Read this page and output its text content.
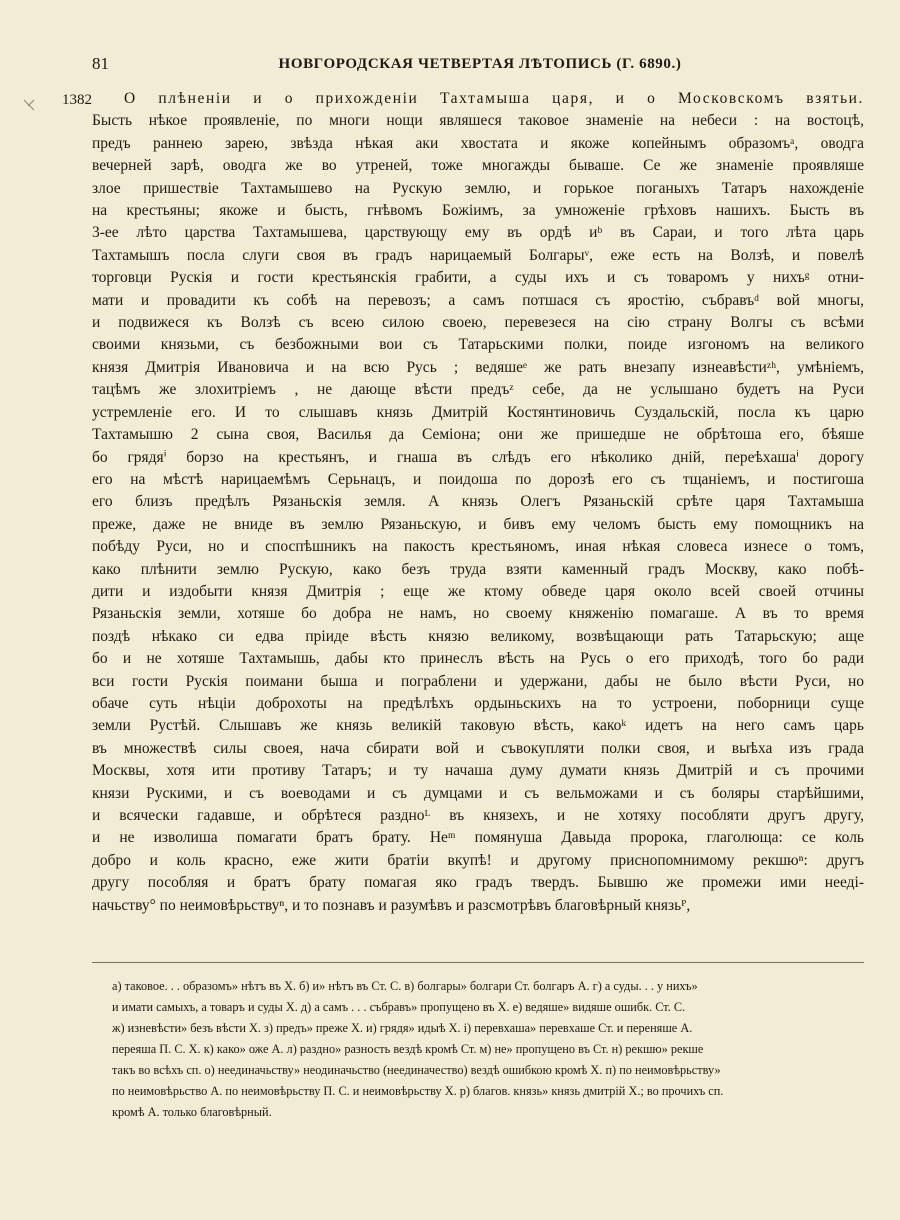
81	НОВГОРОДСКАЯ ЧЕТВЕРТАЯ ЛѢТОПИСЬ (Г. 6890.)
1382	О плѣненiи и о прихожденiи Тахтамыша царя, и о Московскомъ взятьи.
Бысть нѣкое проявленiе, по многи нощи являшеся таковое знаменiе на небеси : на востоцѣ,
предъ раннею зарею, звѣзда нѣкая аки хвостата и якоже копейнымъ образомъᵃ, оводга
вечерней зарѣ, оводга же во утреней, тоже многажды бываше. Се же знаменiе проявляше
злое пришествiе Тахтамышево на Рускую землю, и горькое поганыхъ Татаръ нахожденiе
на крестьяны; якоже и бысть, гнѣвомъ Божiимъ, за умноженiе грѣховъ нашихъ. Бысть въ
3-ее лѣто царства Тахтамышева, царствующу ему въ ордѣ иᵇ въ Сараи, и того лѣта царь
Тахтамышъ посла слуги своя въ градъ нарицаемый Болгарыᵛ, еже есть на Волзѣ, и повелѣ
торговци Рускiя и гости крестьянскiя грабити, а суды ихъ и съ товаромъ у нихъᵍ отни-
мати и провадити къ собѣ на перевозъ; а самъ потшася съ яростiю, събравъᵈ вой многы,
и подвижеся къ Волзѣ съ всею силою своею, перевезеся на сiю страну Волгы съ всѣми
своими князьми, съ безбожными вои съ Татарьскими полки, поиде изгономъ на великого
князя Дмитрiя Ивановича и на всю Русь ; ведяшеᵉ же рать внезапу изнеавѣстиᶻʰ, умѣнiемъ,
тацѣмъ же злохитрiемъ , не дающе вѣсти предъᶻ себе, да не услышано будетъ на Руси
устремленiе его. И то слышавъ князь Дмитрiй Костянтиновичь Суздальскiй, посла къ царю
Тахтамышю 2 сына своя, Василья да Семiона; они же пришедше не обрѣтоша его, бѣяше
бо грядяⁱ борзо на крестьянъ, и гнаша въ слѣдъ его нѣколико днiй, переѣхашаⁱ дорогу
его на мѣстѣ нарицаемѣмъ Серьнацъ, и поидоша по дорозѣ его съ тщанiемъ, и постигоша
его близъ предѣлъ Рязаньскiя земля. А князь Олегъ Рязаньскiй срѣте царя Тахтамыша
преже, даже не вниде въ землю Рязаньскую, и бивъ ему челомъ бысть ему помощникъ на
побѣду Руси, но и споспѣшникъ на пакость крестьяномъ, иная нѣкая словеса изнесе о томъ,
како плѣнити землю Рускую, како безъ труда взяти каменный градъ Москву, како побѣ-
дити и издобыти князя Дмитрiя ; еще же ктому обведе царя около всей своей отчины
Рязаньскiя земли, хотяше бо добра не намъ, но своему княженiю помагаше. А въ то время
поздѣ нѣкако си едва прiиде вѣсть князю великому, возвѣщающи рать Татарьскую; аще
бо и не хотяше Тахтамышь, дабы кто принеслъ вѣсть на Русь о его приходѣ, того бо ради
вси гости Рускiя поимани быша и пограблени и удержани, дабы не было вѣсти Руси, но
обаче суть нѣцiи доброхоты на предѣлѣхъ ордыньскихъ на то устроени, поборници суще
земли Рустѣй. Слышавъ же князь великiй таковую вѣсть, какоᵏ идетъ на него самъ царь
въ множествѣ силы своея, нача сбирати вой и съвокупляти полки своя, и выѣха изъ града
Москвы, хотя ити противу Татаръ; и ту начаша думу думати князь Дмитрiй и съ прочими
князи Рускими, и съ воеводами и съ думцами и съ вельможами и съ боляры старѣйшими,
и всячески гадавше, и обрѣтеся раздноᴸ въ князехъ, и не хотяху пособляти другъ другу,
и не изволиша помагати братъ брату. Неᵐ помянуша Давыда пророка, глаголюща: се коль
добро и коль красно, еже жити братiи вкупѣ! и другому приснопомнимому рекшюⁿ: другъ
другу пособляя и братъ брату помагая яко градъ твердъ. Бывшю же промежи ими неедi-
начьству° по неимовѣрьствуⁿ, и то познавъ и разумѣвъ и разсмотрѣвъ благовѣрный князьᴾ,
а) таковое. . . образомъ» нѣтъ въ Х. б) и» нѣтъ въ Ст. С. в) болгары» болгари Ст. болгаръ А. г) а суды. . . у нихъ»
и имати самыхъ, а товаръ и суды Х. д) а самъ . . . събравъ» пропущено въ Х. е) ведяше» видяше ошибк. Ст. С.
ж) изневѣсти» безъ вѣсти Х. з) предъ» преже Х. и) грядя» идыѣ Х. і) перевхаша» перевхаше Ст. и переняше А.
переяша П. С. Х. к) како» оже А. л) раздно» разность вездѣ кромѣ Ст. м) не» пропущено въ Ст. н) рекшю» рекше
такъ во всѣхъ сп. о) неединачьству» неодиначьство (неединачество) вездѣ ошибкою кромѣ Х. п) по неимовѣрьству»
по неимовѣрьство А. по неимовѣрьству П. С. и неимовѣрьству Х. р) благов. князь» князь дмитрiй Х.; во прочихъ сп.
кромѣ А. только благовѣрный.
